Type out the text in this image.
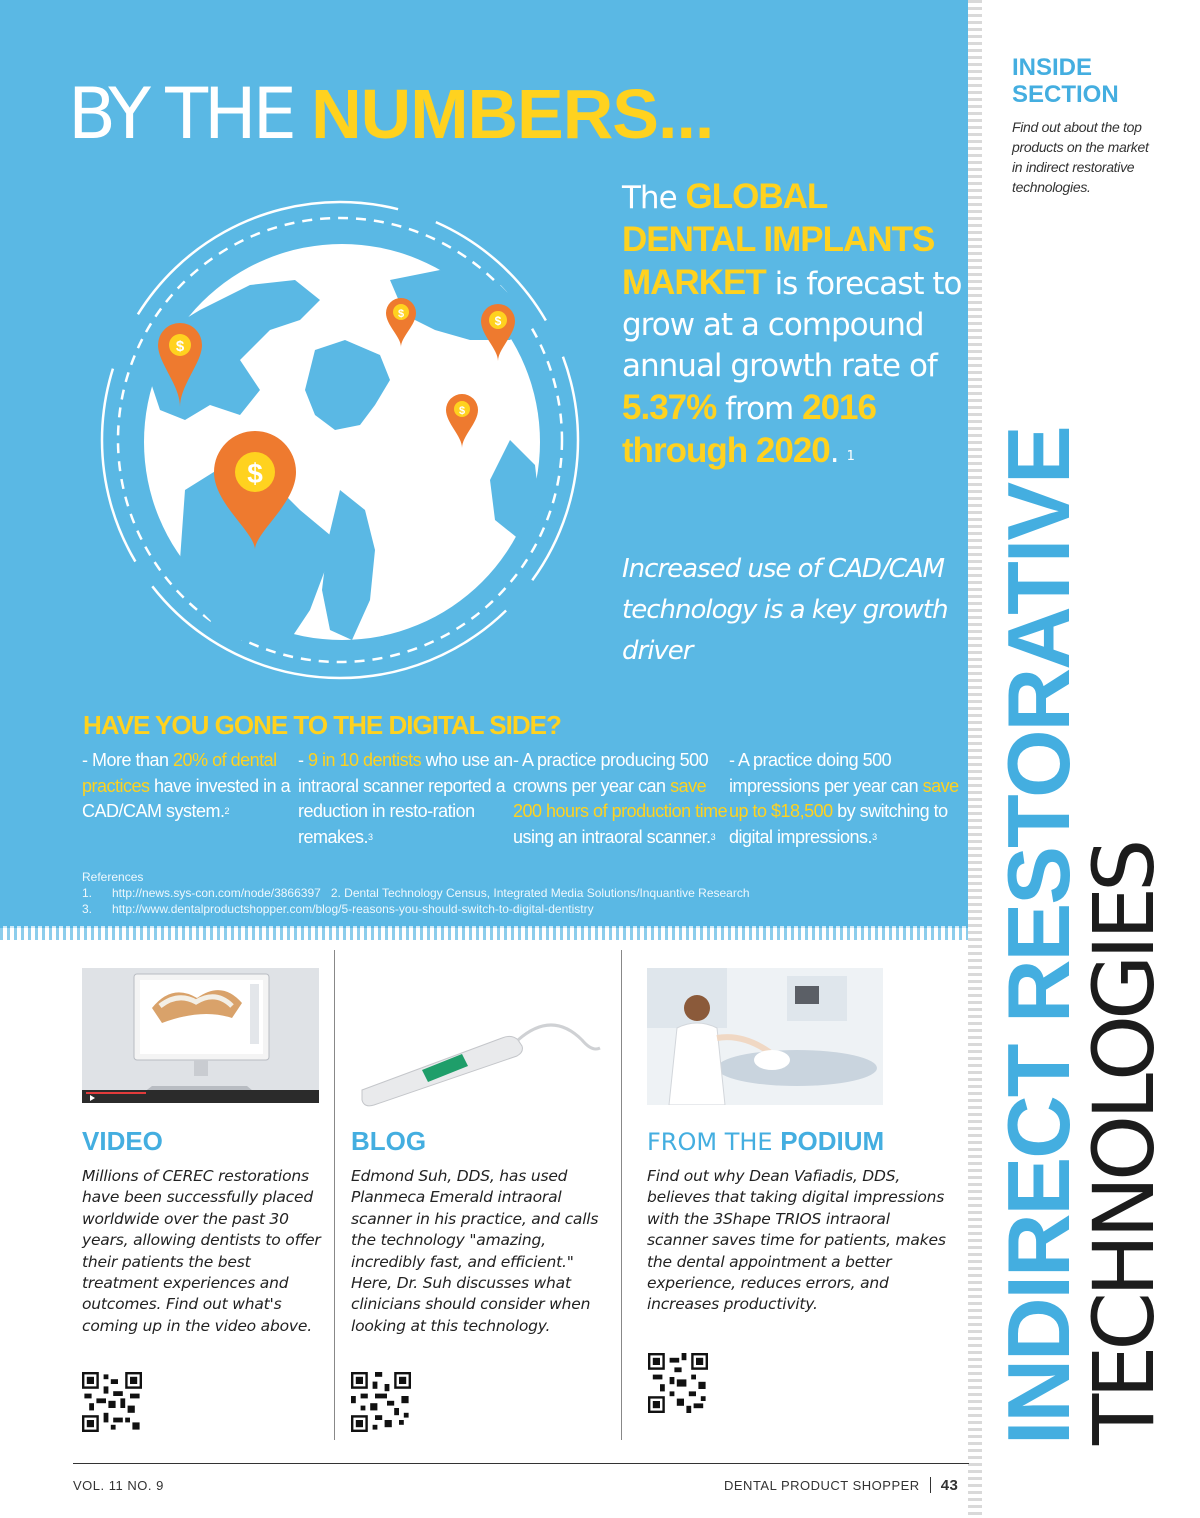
BY THE NUMBERS...
$
$
$	$
$
The GLOBAL DENTAL IMPLANTS MARKET is forecast to grow at a compound annual growth rate of 5.37% from 2016 through 2020. $^1$
Increased use of CAD/CAM technology is a key growth driver
HAVE YOU GONE TO THE DIGITAL SIDE?
- More than 20% of dental practices have invested in a CAD/CAM system.$^2$
- 9 in 10 dentists who use an intraoral scanner reported a reduction in resto-ration remakes.$^3$
- A practice producing 500 crowns per year can save 200 hours of production time using an intraoral scanner.$^3$
- A practice doing 500 impressions per year can save up to $18,500 by switching to digital impressions.$^3$
References
1. http://news.sys-con.com/node/3866397 2. Dental Technology Census, Integrated Media Solutions/Inquantive Research
3. http://www.dentalproductshopper.com/blog/5-reasons-you-should-switch-to-digital-dentistry
INSIDE
SECTION
Find out about the top products on the market in indirect restorative technologies.
INDIRECT RESTORATIVE
TECHNOLOGIES
VIDEO
Millions of CEREC restorations have been successfully placed worldwide over the past 30 years, allowing dentists to offer their patients the best treatment experiences and outcomes. Find out what's coming up in the video above.
BLOG
Edmond Suh, DDS, has used Planmeca Emerald intraoral scanner in his practice, and calls the technology "amazing, incredibly fast, and efficient." Here, Dr. Suh discusses what clinicians should consider when looking at this technology.
FROM THE PODIUM
Find out why Dean Vafiadis, DDS, believes that taking digital impressions with the 3Shape TRIOS intraoral scanner saves time for patients, makes the dental appointment a better experience, reduces errors, and increases productivity.
VOL. 11 NO. 9	DENTAL PRODUCT SHOPPER 43
